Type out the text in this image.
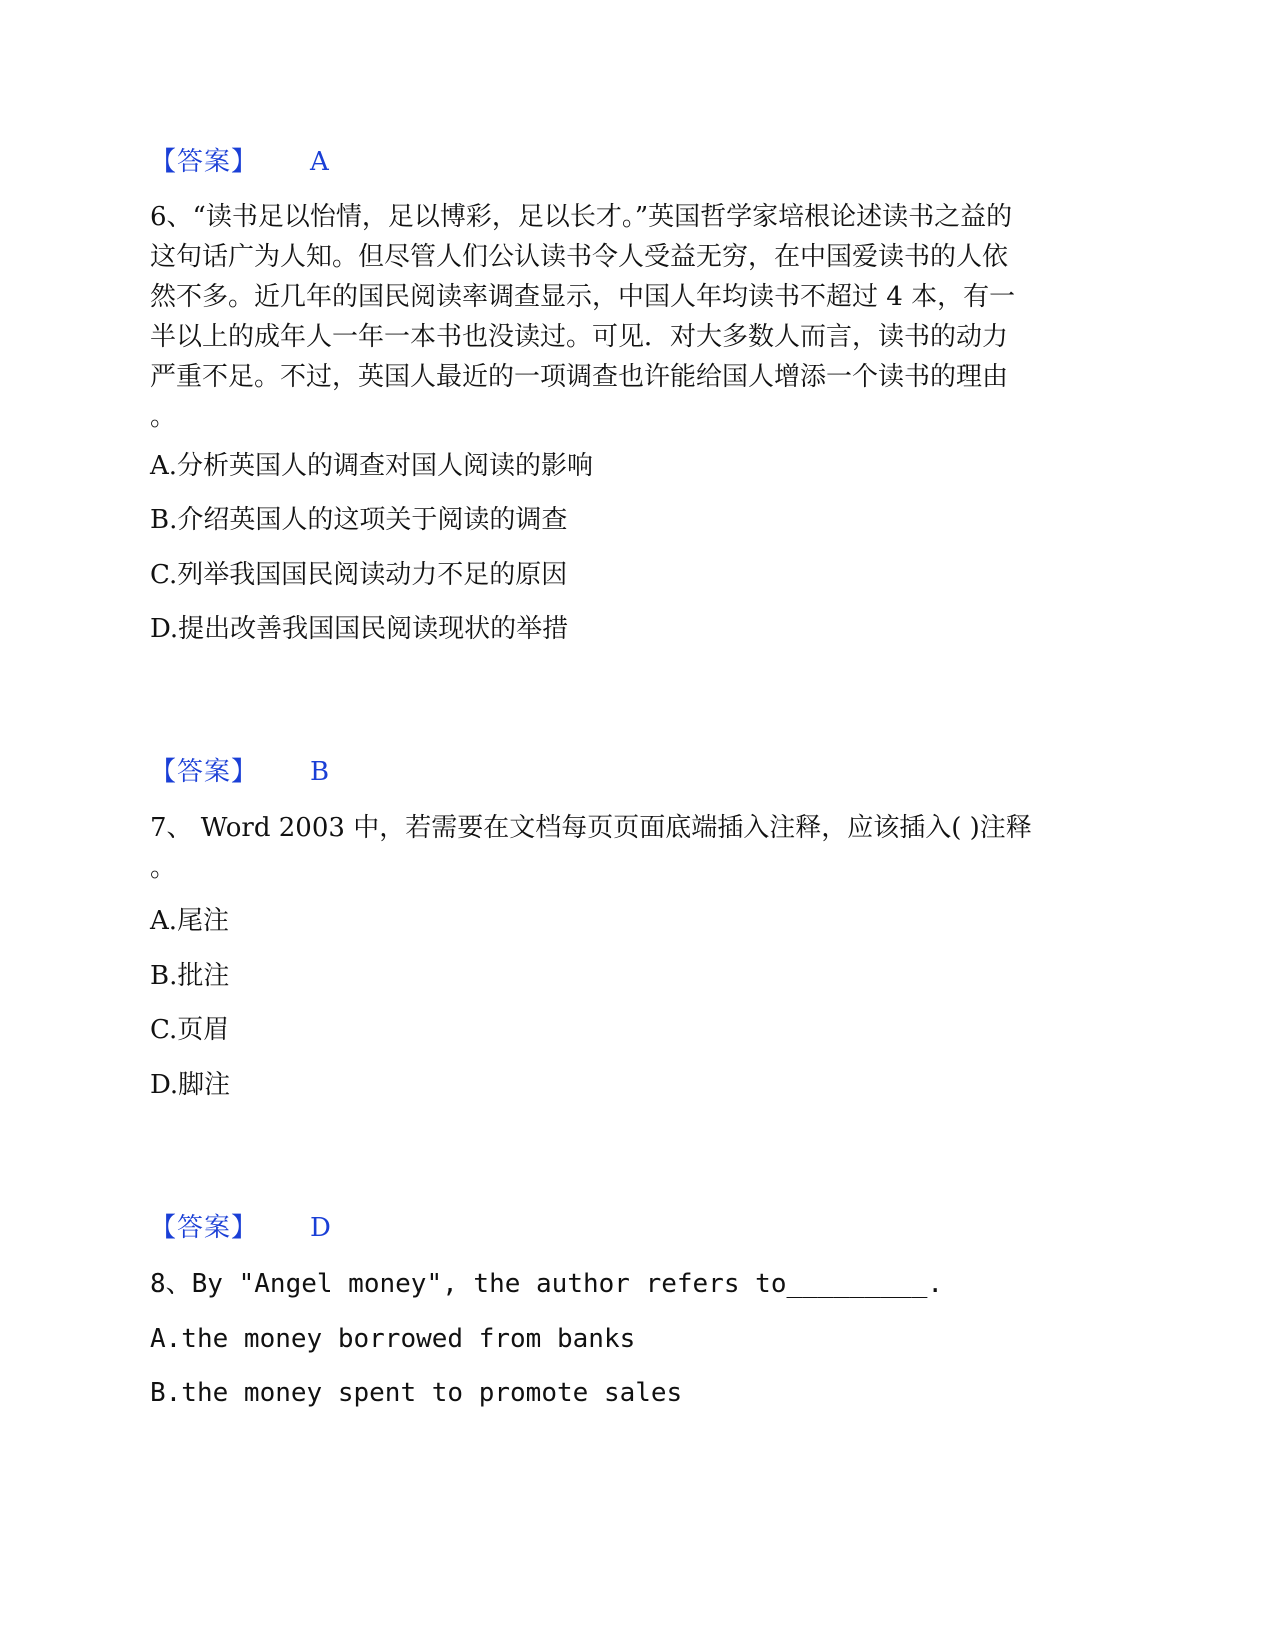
【答案】 A
6、“读书足以怡情，足以博彩，足以长才。”英国哲学家培根论述读书之益的
这句话广为人知。但尽管人们公认读书令人受益无穷，在中国爱读书的人依
然不多。近几年的国民阅读率调查显示，中国人年均读书不超过 4 本，有一
半以上的成年人一年一本书也没读过。可见．对大多数人而言，读书的动力
严重不足。不过，英国人最近的一项调查也许能给国人增添一个读书的理由
。
A.分析英国人的调查对国人阅读的影响
B.介绍英国人的这项关于阅读的调查
C.列举我国国民阅读动力不足的原因
D.提出改善我国国民阅读现状的举措
【答案】 B
7、 Word 2003 中，若需要在文档每页页面底端插入注释，应该插入( )注释
。
A.尾注
B.批注
C.页眉
D.脚注
【答案】 D
8、By "Angel money", the author refers to_________.
A.the money borrowed from banks
B.the money spent to promote sales
